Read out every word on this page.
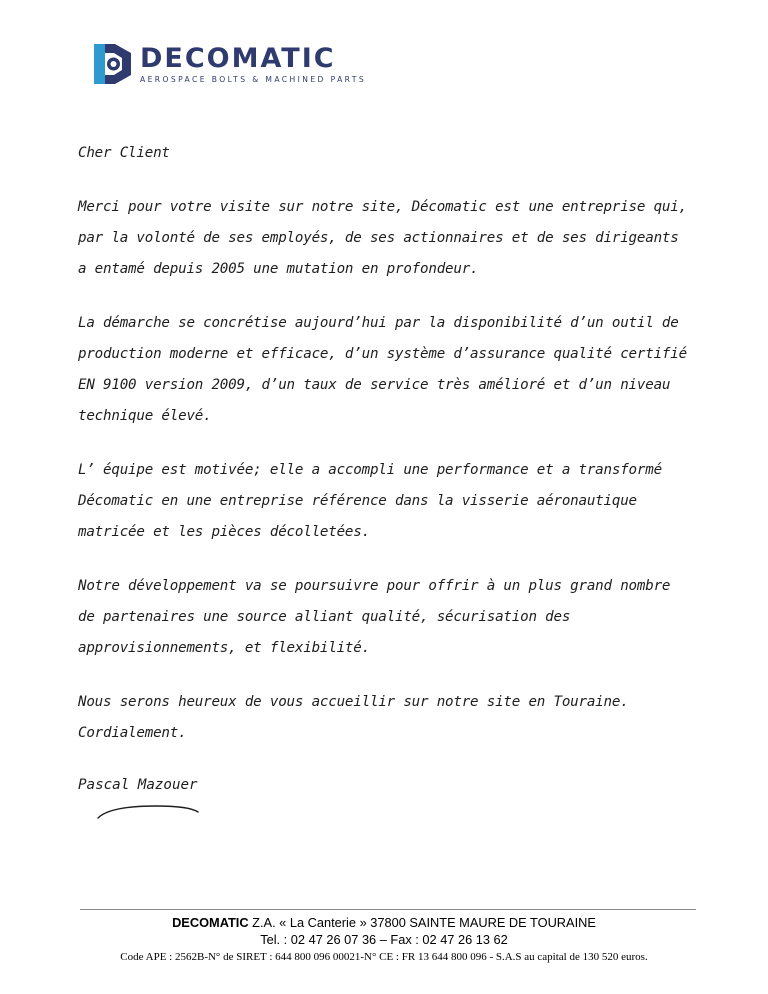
DECOMATIC
AEROSPACE BOLTS & MACHINED PARTS

Cher Client

Merci pour votre visite sur notre site, Décomatic est une entreprise qui, par la volonté de ses employés, de ses actionnaires et de ses dirigeants a entamé depuis 2005 une mutation en profondeur.

La démarche se concrétise aujourd’hui par la disponibilité d’un outil de production moderne et efficace, d’un système d’assurance qualité certifié EN 9100 version 2009, d’un taux de service très amélioré et d’un niveau technique élevé.

L’ équipe est motivée; elle a accompli une performance et a transformé Décomatic en une entreprise référence dans la visserie aéronautique matricée et les pièces décolletées.

Notre développement va se poursuivre pour offrir à un plus grand nombre de partenaires une source alliant qualité, sécurisation des approvisionnements, et flexibilité.

Nous serons heureux de vous accueillir sur notre site en Touraine.

Cordialement.

Pascal Mazouer
DECOMATIC Z.A. « La Canterie » 37800 SAINTE MAURE DE TOURAINE
Tel. : 02 47 26 07 36 – Fax : 02 47 26 13 62
Code APE : 2562B-N° de SIRET : 644 800 096 00021-N° CE : FR 13 644 800 096 - S.A.S au capital de 130 520 euros.
